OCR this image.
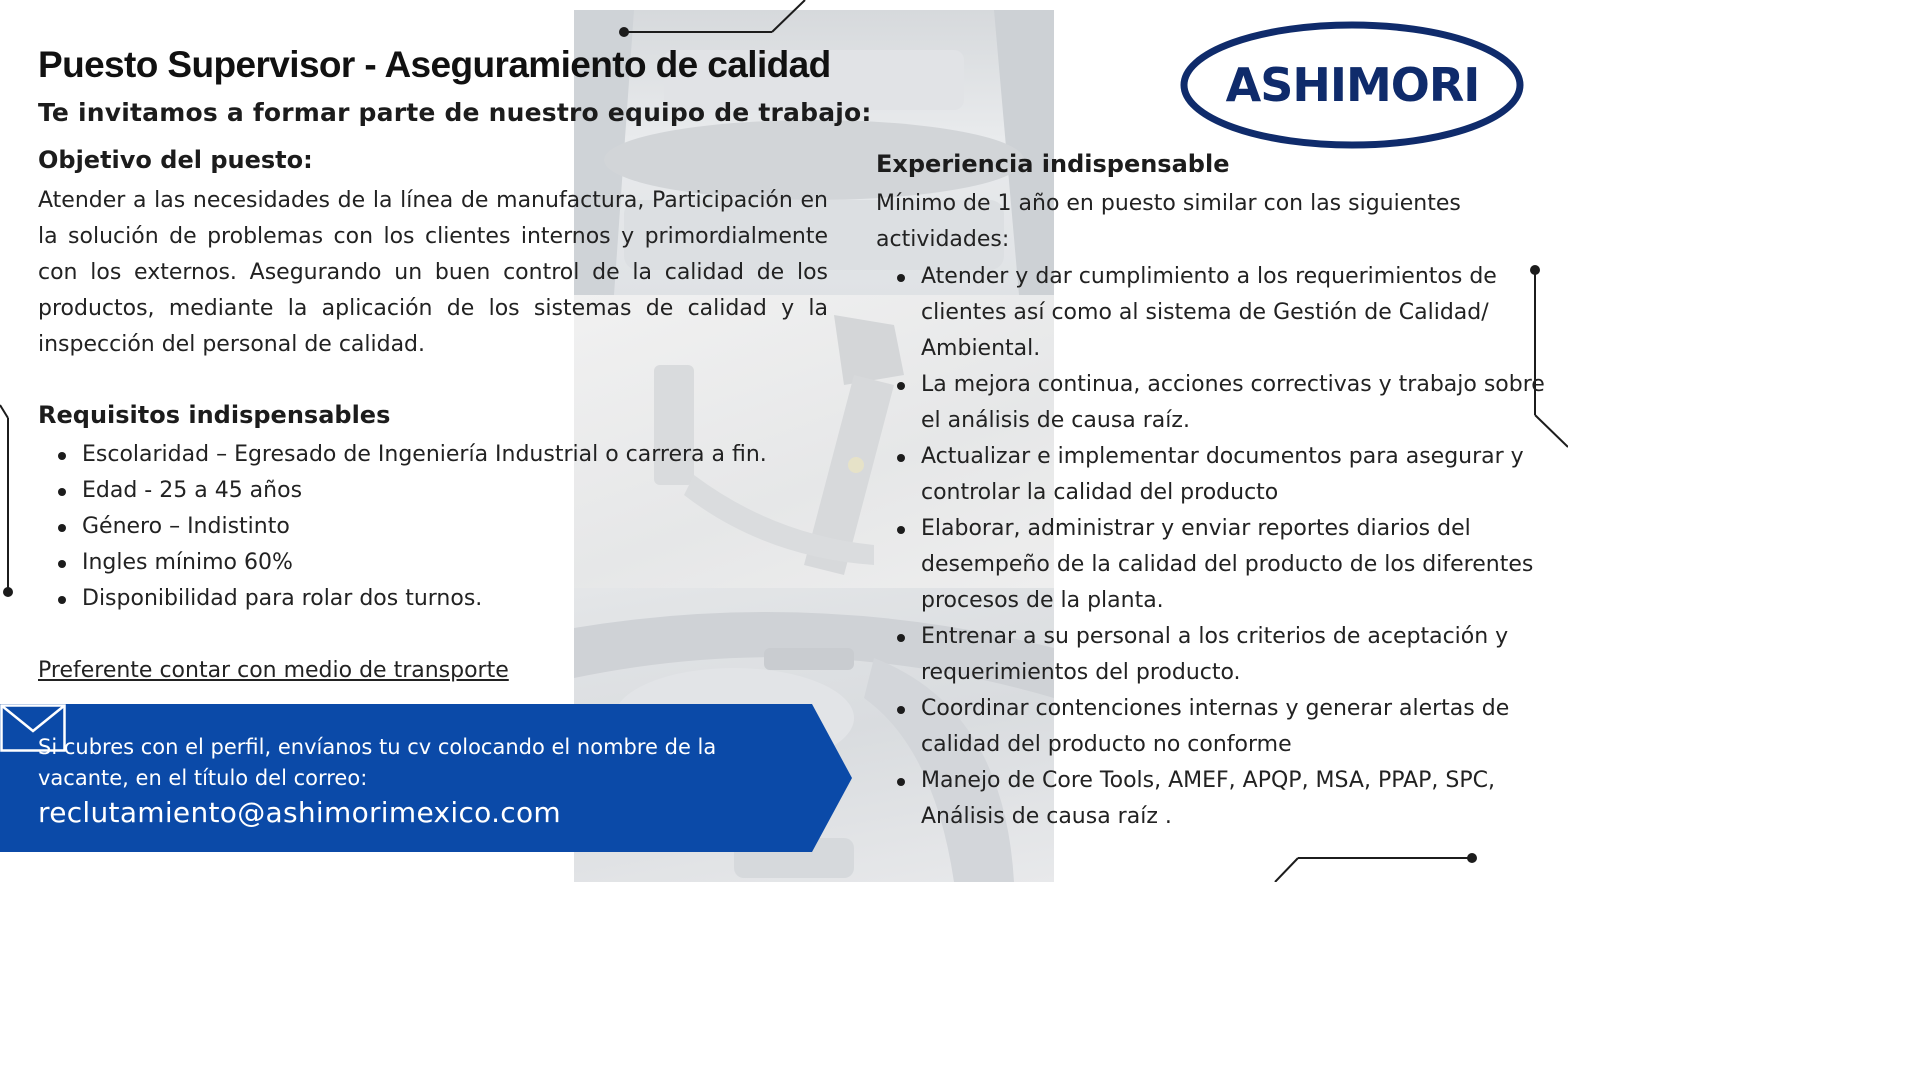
Puesto Supervisor - Aseguramiento de calidad
Te invitamos a formar parte de nuestro equipo de trabajo:
ASHIMORI
Objetivo del puesto:

Atender a las necesidades de la línea de manufactura, Participación en la solución de problemas con los clientes internos y primordialmente con los externos. Asegurando un buen control de la calidad de los productos, mediante la aplicación de los sistemas de calidad y la inspección del personal de calidad.

Requisitos indispensables
Escolaridad – Egresado de Ingeniería Industrial o carrera a fin.
Edad - 25 a 45 años
Género – Indistinto
Ingles mínimo 60%
Disponibilidad para rolar dos turnos.

Preferente contar con medio de transporte

Experiencia indispensable

Mínimo de 1 año en puesto similar con las siguientes actividades:

Atender y dar cumplimiento a los requerimientos de clientes así como al sistema de Gestión de Calidad/ Ambiental.
La mejora continua, acciones correctivas y trabajo sobre el análisis de causa raíz.
Actualizar e implementar documentos para asegurar y controlar la calidad del producto
Elaborar, administrar y enviar reportes diarios del desempeño de la calidad del producto de los diferentes procesos de la planta.
Entrenar a su personal a los criterios de aceptación y requerimientos del producto.
Coordinar contenciones internas y generar alertas de calidad del producto no conforme
Manejo de Core Tools, AMEF, APQP, MSA, PPAP, SPC, Análisis de causa raíz .

Si cubres con el perfil, envíanos tu cv colocando el nombre de la vacante, en el título del correo:

reclutamiento@ashimorimexico.com
